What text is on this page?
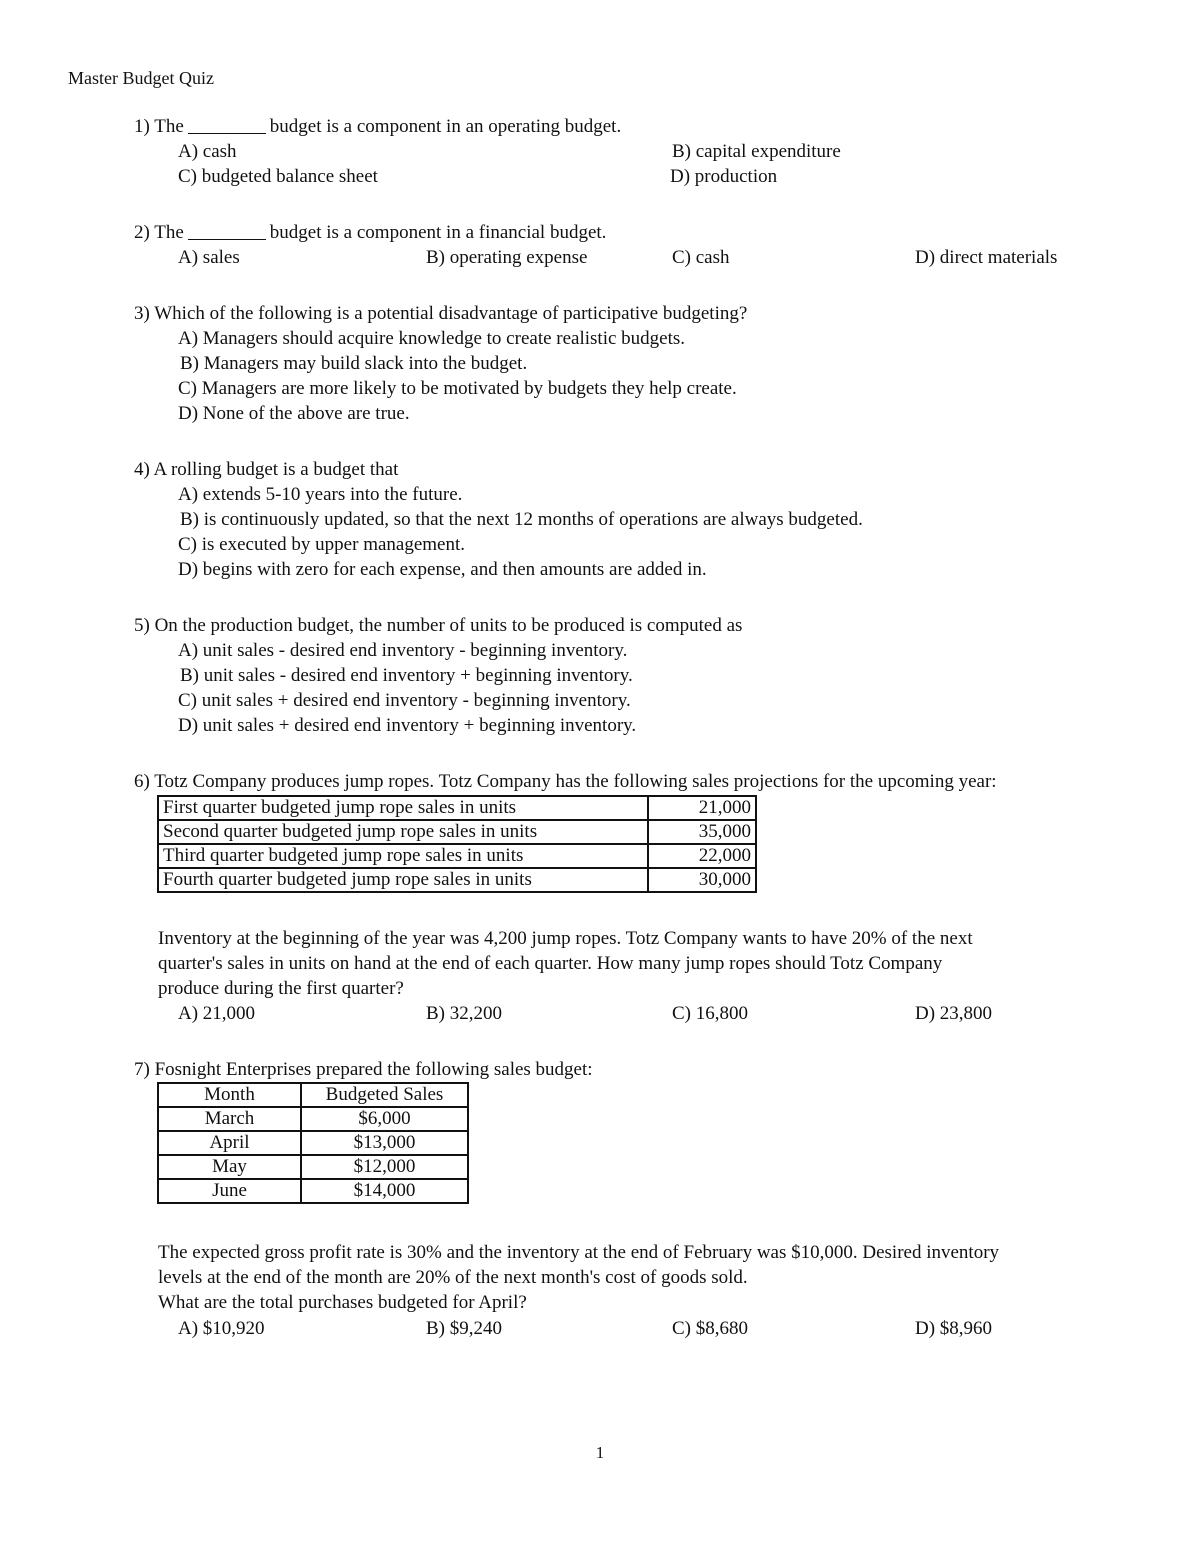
Master Budget Quiz
1) The	budget is a component in an operating budget.
A) cash	B) capital expenditure
C) budgeted balance sheet	D) production
2) The	budget is a component in a financial budget.
A) sales	B) operating expense	C) cash	D) direct materials
3) Which of the following is a potential disadvantage of participative budgeting?
A) Managers should acquire knowledge to create realistic budgets.
B) Managers may build slack into the budget.
C) Managers are more likely to be motivated by budgets they help create.
D) None of the above are true.
4) A rolling budget is a budget that
A) extends 5-10 years into the future.
B) is continuously updated, so that the next 12 months of operations are always budgeted.
C) is executed by upper management.
D) begins with zero for each expense, and then amounts are added in.
5) On the production budget, the number of units to be produced is computed as
A) unit sales - desired end inventory - beginning inventory.
B) unit sales - desired end inventory + beginning inventory.
C) unit sales + desired end inventory - beginning inventory.
D) unit sales + desired end inventory + beginning inventory.
6) Totz Company produces jump ropes. Totz Company has the following sales projections for the upcoming year:
First quarter budgeted jump rope sales in units	21,000
Second quarter budgeted jump rope sales in units	35,000
Third quarter budgeted jump rope sales in units	22,000
Fourth quarter budgeted jump rope sales in units	30,000
Inventory at the beginning of the year was 4,200 jump ropes. Totz Company wants to have 20% of the next
quarter's sales in units on hand at the end of each quarter. How many jump ropes should Totz Company
produce during the first quarter?
A) 21,000	B) 32,200	C) 16,800	D) 23,800
7) Fosnight Enterprises prepared the following sales budget:
Month	Budgeted Sales
March	$6,000
April	$13,000
May	$12,000
June	$14,000
The expected gross profit rate is 30% and the inventory at the end of February was $10,000. Desired inventory
levels at the end of the month are 20% of the next month's cost of goods sold.
What are the total purchases budgeted for April?
A) $10,920	B) $9,240	C) $8,680	D) $8,960
1
